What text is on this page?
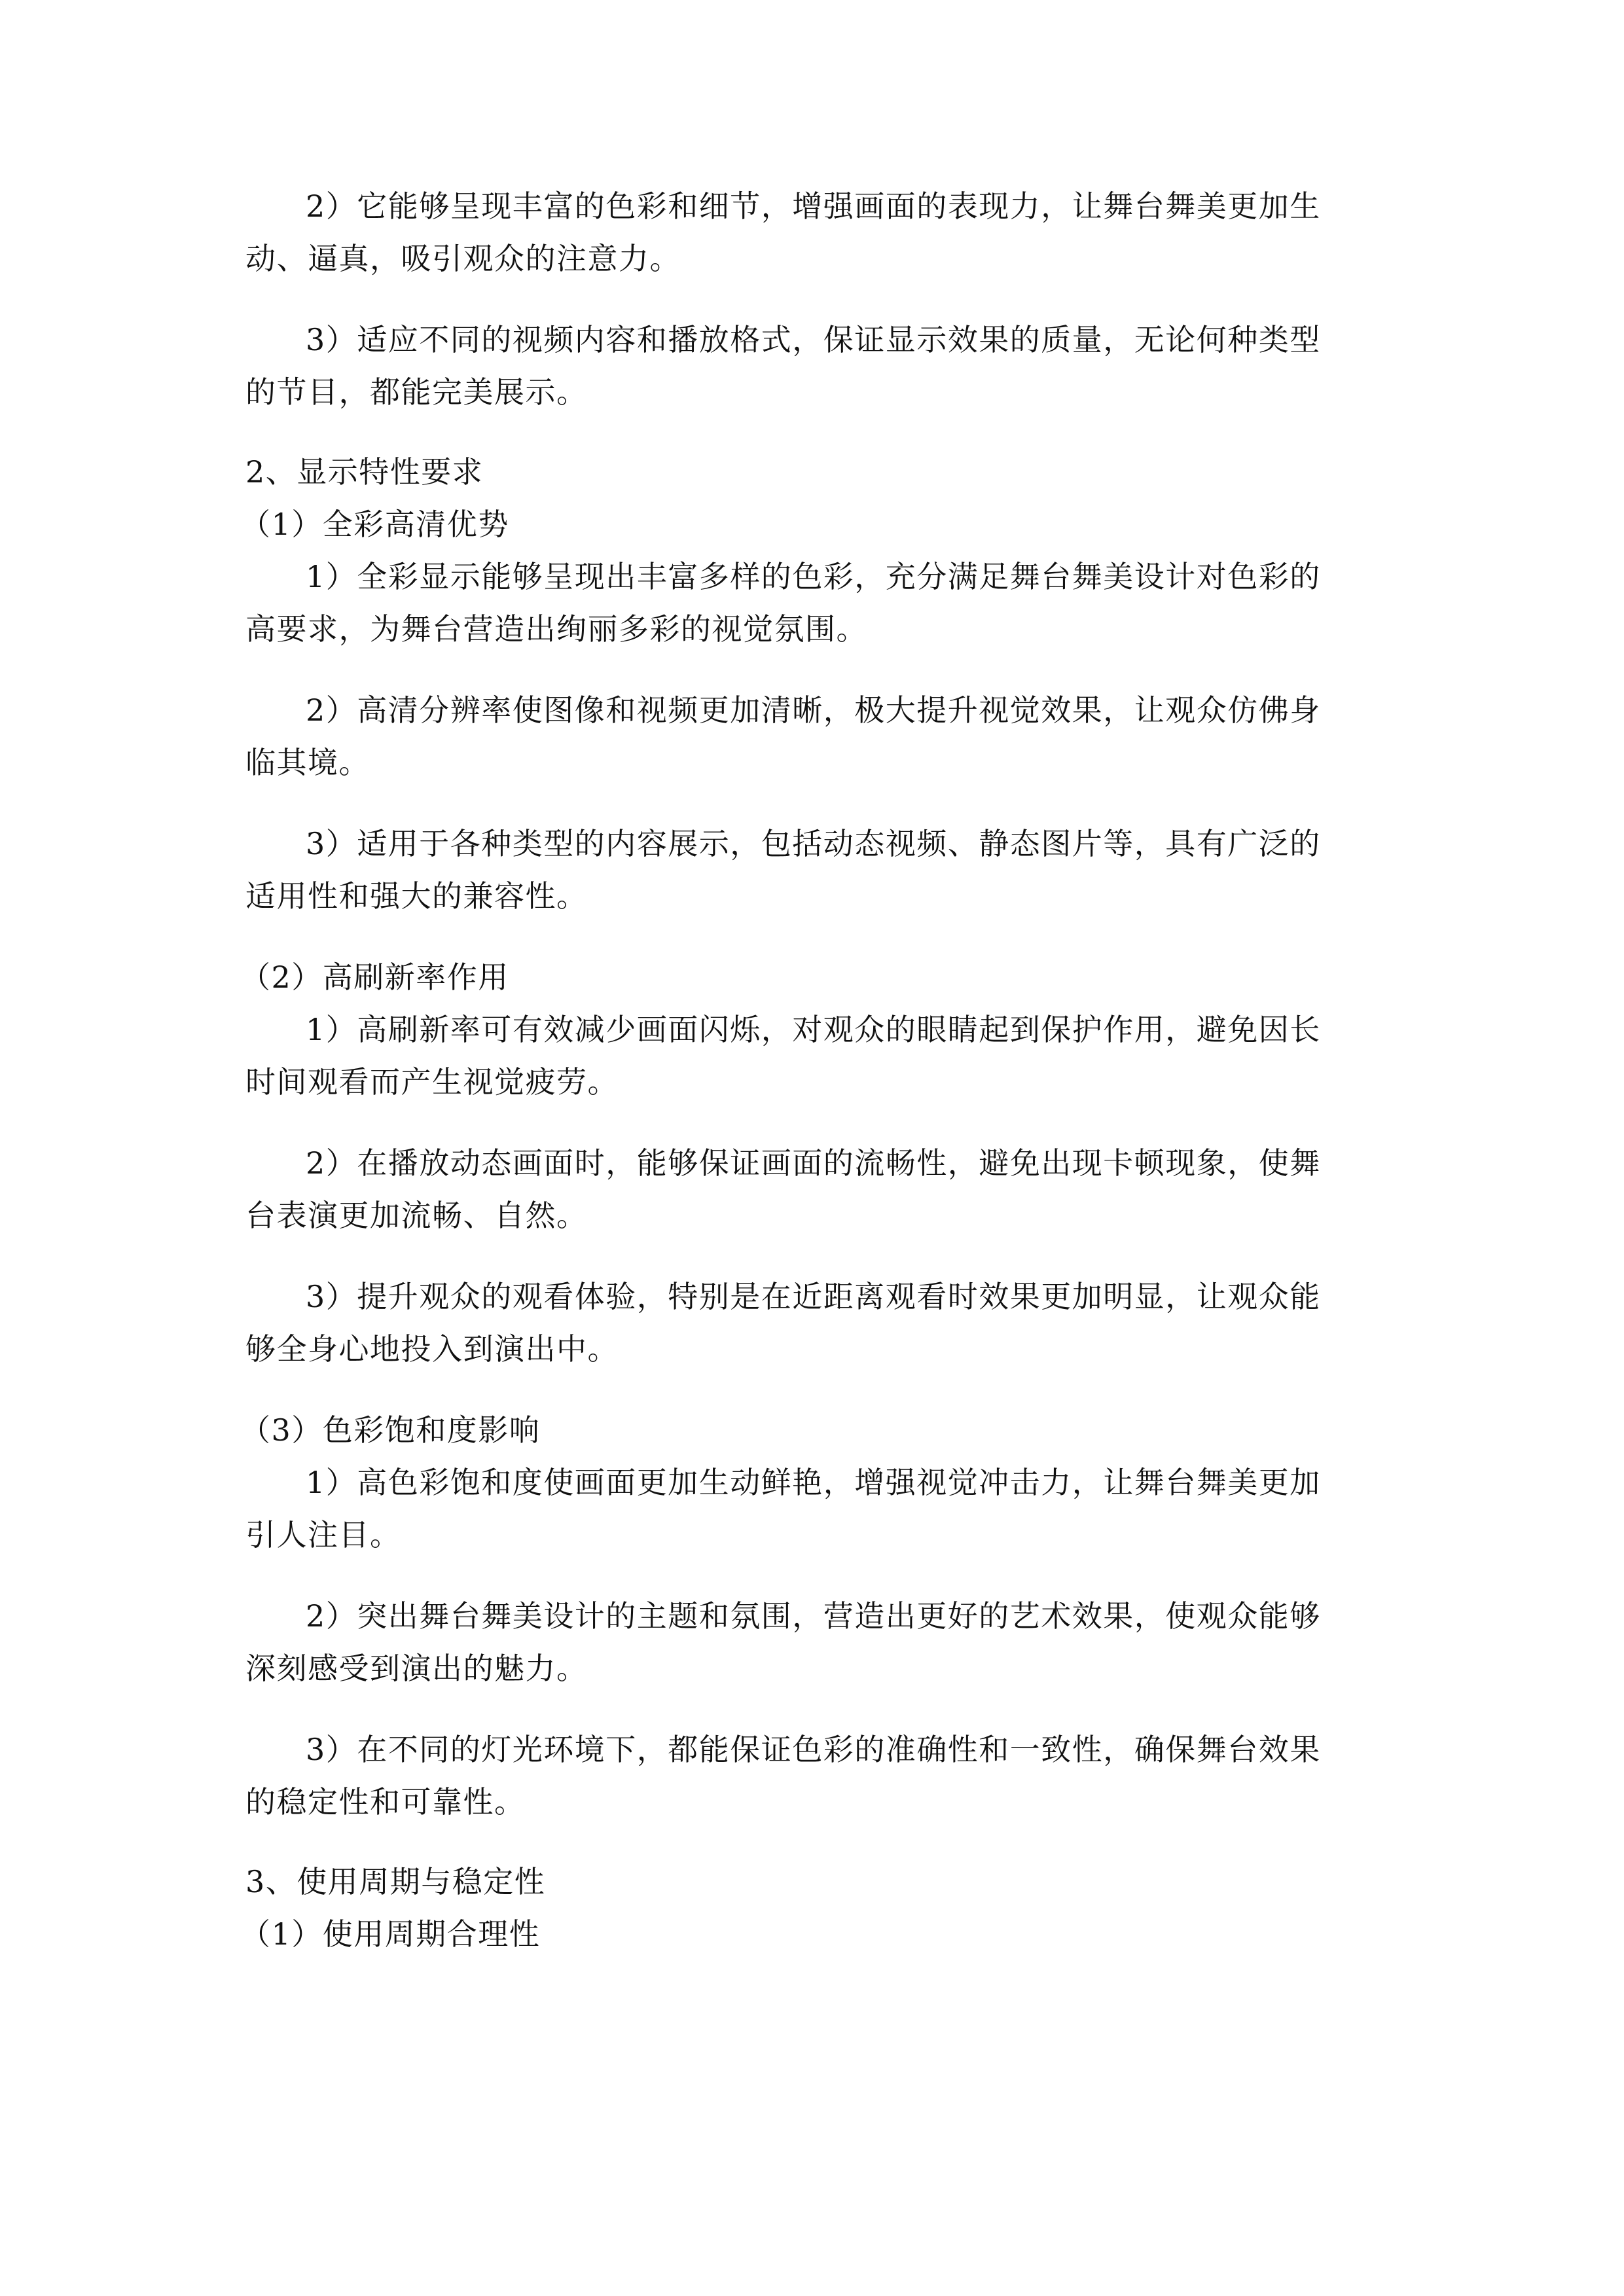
2）它能够呈现丰富的色彩和细节，增强画面的表现力，让舞台舞美更加生
动、逼真，吸引观众的注意力。
3）适应不同的视频内容和播放格式，保证显示效果的质量，无论何种类型
的节目，都能完美展示。
2、显示特性要求
（1）全彩高清优势
1）全彩显示能够呈现出丰富多样的色彩，充分满足舞台舞美设计对色彩的
高要求，为舞台营造出绚丽多彩的视觉氛围。
2）高清分辨率使图像和视频更加清晰，极大提升视觉效果，让观众仿佛身
临其境。
3）适用于各种类型的内容展示，包括动态视频、静态图片等，具有广泛的
适用性和强大的兼容性。
（2）高刷新率作用
1）高刷新率可有效减少画面闪烁，对观众的眼睛起到保护作用，避免因长
时间观看而产生视觉疲劳。
2）在播放动态画面时，能够保证画面的流畅性，避免出现卡顿现象，使舞
台表演更加流畅、自然。
3）提升观众的观看体验，特别是在近距离观看时效果更加明显，让观众能
够全身心地投入到演出中。
（3）色彩饱和度影响
1）高色彩饱和度使画面更加生动鲜艳，增强视觉冲击力，让舞台舞美更加
引人注目。
2）突出舞台舞美设计的主题和氛围，营造出更好的艺术效果，使观众能够
深刻感受到演出的魅力。
3）在不同的灯光环境下，都能保证色彩的准确性和一致性，确保舞台效果
的稳定性和可靠性。
3、使用周期与稳定性
（1）使用周期合理性
